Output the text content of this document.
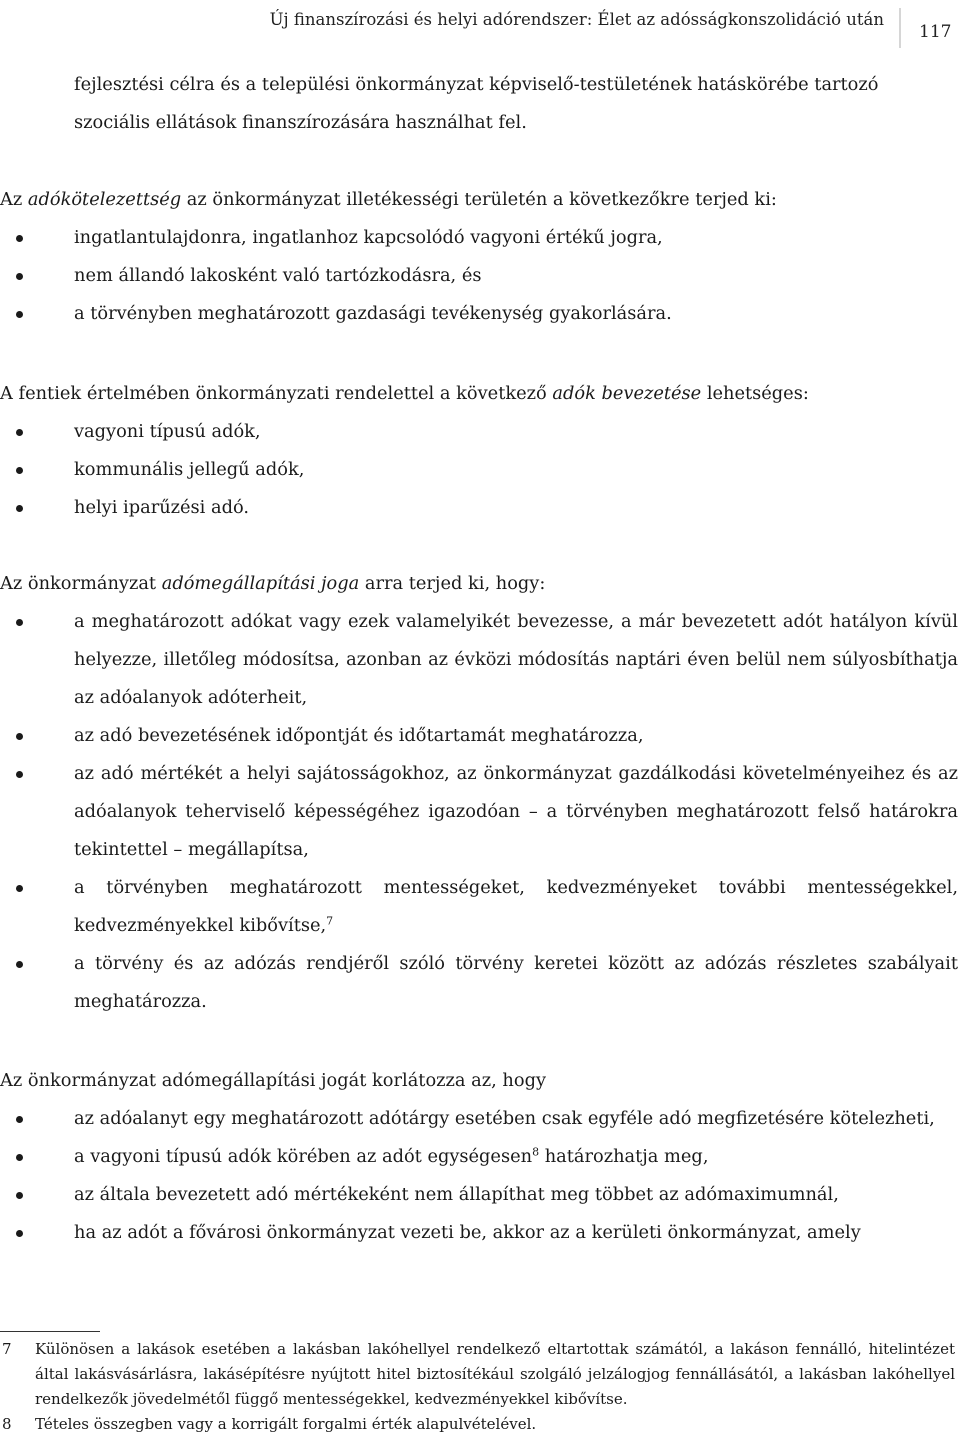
Új finanszírozási és helyi adórendszer: Élet az adósságkonszolidáció után
117

fejlesztési célra és a települési önkormányzat képviselő-testületének hatáskörébe tartozó szociális ellátások finanszírozására használhat fel.

Az adókötelezettség az önkormányzat illetékességi területén a következőkre terjed ki:

ingatlantulajdonra, ingatlanhoz kapcsolódó vagyoni értékű jogra,
nem állandó lakosként való tartózkodásra, és
a törvényben meghatározott gazdasági tevékenység gyakorlására.

A fentiek értelmében önkormányzati rendelettel a következő adók bevezetése lehetséges:

vagyoni típusú adók,
kommunális jellegű adók,
helyi iparűzési adó.

Az önkormányzat adómegállapítási joga arra terjed ki, hogy:

a meghatározott adókat vagy ezek valamelyikét bevezesse, a már bevezetett adót hatályon kívül helyezze, illetőleg módosítsa, azonban az évközi módosítás naptári éven belül nem súlyosbíthatja az adóalanyok adóterheit,
az adó bevezetésének időpontját és időtartamát meghatározza,
az adó mértékét a helyi sajátosságokhoz, az önkormányzat gazdálkodási követelményeihez és az adóalanyok teherviselő képességéhez igazodóan – a törvényben meghatározott felső határokra tekintettel – megállapítsa,
a törvényben meghatározott mentességeket, kedvezményeket további mentességekkel, kedvezményekkel kibővítse,$^7$
a törvény és az adózás rendjéről szóló törvény keretei között az adózás részletes szabályait meghatározza.

Az önkormányzat adómegállapítási jogát korlátozza az, hogy

az adóalanyt egy meghatározott adótárgy esetében csak egyféle adó megfizetésére kötelezheti,
a vagyoni típusú adók körében az adót egységesen$^8$ határozhatja meg,
az általa bevezetett adó mértékeként nem állapíthat meg többet az adómaximumnál,
ha az adót a fővárosi önkormányzat vezeti be, akkor az a kerületi önkormányzat, amely
7 Különösen a lakások esetében a lakásban lakóhellyel rendelkező eltartottak számától, a lakáson fennálló, hitelintézet által lakásvásárlásra, lakásépítésre nyújtott hitel biztosítékául szolgáló jelzálogjog fennállásától, a lakásban lakóhellyel rendelkezők jövedelmétől függő mentességekkel, kedvezményekkel kibővítse.
8 Tételes összegben vagy a korrigált forgalmi érték alapulvételével.
